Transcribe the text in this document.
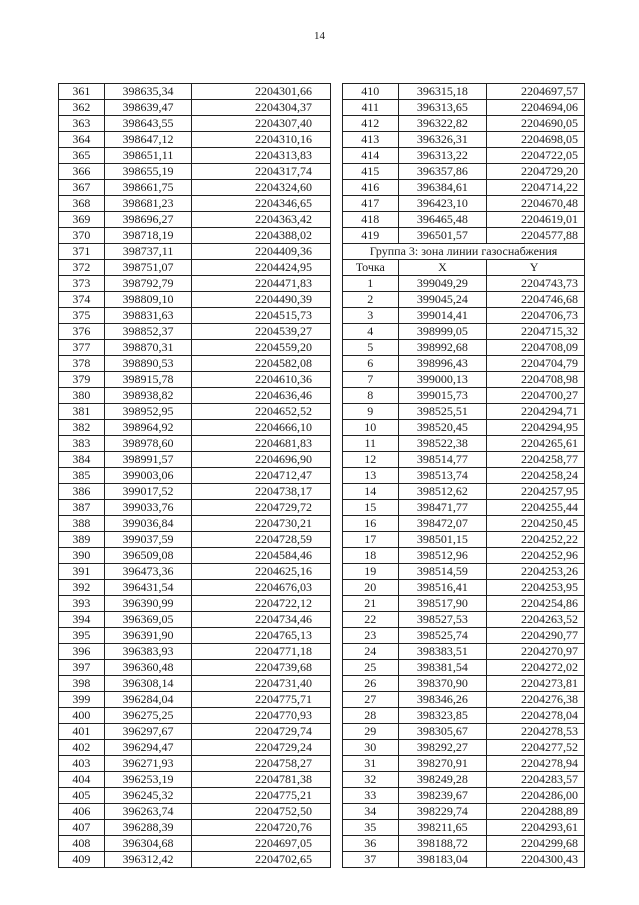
14
361	398635,34	2204301,66
362	398639,47	2204304,37
363	398643,55	2204307,40
364	398647,12	2204310,16
365	398651,11	2204313,83
366	398655,19	2204317,74
367	398661,75	2204324,60
368	398681,23	2204346,65
369	398696,27	2204363,42
370	398718,19	2204388,02
371	398737,11	2204409,36
372	398751,07	2204424,95
373	398792,79	2204471,83
374	398809,10	2204490,39
375	398831,63	2204515,73
376	398852,37	2204539,27
377	398870,31	2204559,20
378	398890,53	2204582,08
379	398915,78	2204610,36
380	398938,82	2204636,46
381	398952,95	2204652,52
382	398964,92	2204666,10
383	398978,60	2204681,83
384	398991,57	2204696,90
385	399003,06	2204712,47
386	399017,52	2204738,17
387	399033,76	2204729,72
388	399036,84	2204730,21
389	399037,59	2204728,59
390	396509,08	2204584,46
391	396473,36	2204625,16
392	396431,54	2204676,03
393	396390,99	2204722,12
394	396369,05	2204734,46
395	396391,90	2204765,13
396	396383,93	2204771,18
397	396360,48	2204739,68
398	396308,14	2204731,40
399	396284,04	2204775,71
400	396275,25	2204770,93
401	396297,67	2204729,74
402	396294,47	2204729,24
403	396271,93	2204758,27
404	396253,19	2204781,38
405	396245,32	2204775,21
406	396263,74	2204752,50
407	396288,39	2204720,76
408	396304,68	2204697,05
409	396312,42	2204702,65
410	396315,18	2204697,57
411	396313,65	2204694,06
412	396322,82	2204690,05
413	396326,31	2204698,05
414	396313,22	2204722,05
415	396357,86	2204729,20
416	396384,61	2204714,22
417	396423,10	2204670,48
418	396465,48	2204619,01
419	396501,57	2204577,88
Группа 3: зона линии газоснабжения		
Точка	X	Y
1	399049,29	2204743,73
2	399045,24	2204746,68
3	399014,41	2204706,73
4	398999,05	2204715,32
5	398992,68	2204708,09
6	398996,43	2204704,79
7	399000,13	2204708,98
8	399015,73	2204700,27
9	398525,51	2204294,71
10	398520,45	2204294,95
11	398522,38	2204265,61
12	398514,77	2204258,77
13	398513,74	2204258,24
14	398512,62	2204257,95
15	398471,77	2204255,44
16	398472,07	2204250,45
17	398501,15	2204252,22
18	398512,96	2204252,96
19	398514,59	2204253,26
20	398516,41	2204253,95
21	398517,90	2204254,86
22	398527,53	2204263,52
23	398525,74	2204290,77
24	398383,51	2204270,97
25	398381,54	2204272,02
26	398370,90	2204273,81
27	398346,26	2204276,38
28	398323,85	2204278,04
29	398305,67	2204278,53
30	398292,27	2204277,52
31	398270,91	2204278,94
32	398249,28	2204283,57
33	398239,67	2204286,00
34	398229,74	2204288,89
35	398211,65	2204293,61
36	398188,72	2204299,68
37	398183,04	2204300,43
